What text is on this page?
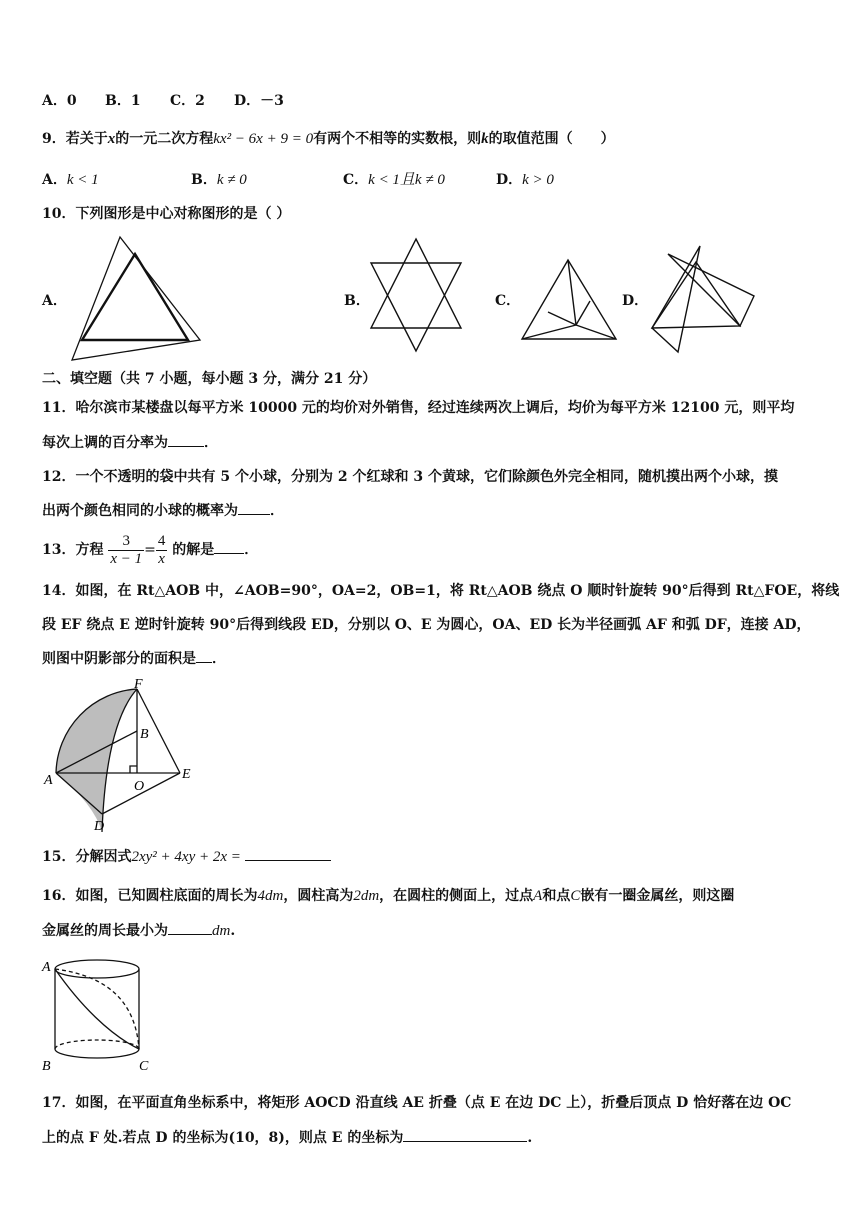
A．0 B．1 C．2 D．－3
9．若关于x的一元二次方程kx² − 6x + 9 = 0有两个不相等的实数根，则k的取值范围（　　）
A．k < 1	B．k ≠ 0	C．k < 1且k ≠ 0	D．k > 0
10．下列图形是中心对称图形的是（ ）
A．	B．	C．	D．
二、填空题（共 7 小题，每小题 3 分，满分 21 分）
11．哈尔滨市某楼盘以每平方米 10000 元的均价对外销售，经过连续两次上调后，均价为每平方米 12100 元，则平均
每次上调的百分率为	．
12．一个不透明的袋中共有 5 个小球，分别为 2 个红球和 3 个黄球，它们除颜色外完全相同，随机摸出两个小球，摸
出两个颜色相同的小球的概率为 ．
13．方程 $\frac{3}{x - 1} = \frac{4}{x}$ 的解是 ．
14．如图，在 Rt△AOB 中，∠AOB=90°，OA=2，OB=1，将 Rt△AOB 绕点 O 顺时针旋转 90°后得到 Rt△FOE，将线
段 EF 绕点 E 逆时针旋转 90°后得到线段 ED，分别以 O、E 为圆心，OA、ED 长为半径画弧 AF 和弧 DF，连接 AD，
则图中阴影部分的面积是 ．
F
B
A	O
E
D
15．分解因式2xy² + 4xy + 2x =
16．如图，已知圆柱底面的周长为4dm，圆柱高为2dm，在圆柱的侧面上，过点A和点C嵌有一圈金属丝，则这圈
金属丝的周长最小为	dm.
A
B	C
17．如图，在平面直角坐标系中，将矩形 AOCD 沿直线 AE 折叠（点 E 在边 DC 上），折叠后顶点 D 恰好落在边 OC
上的点 F 处.若点 D 的坐标为(10，8)，则点 E 的坐标为	.
